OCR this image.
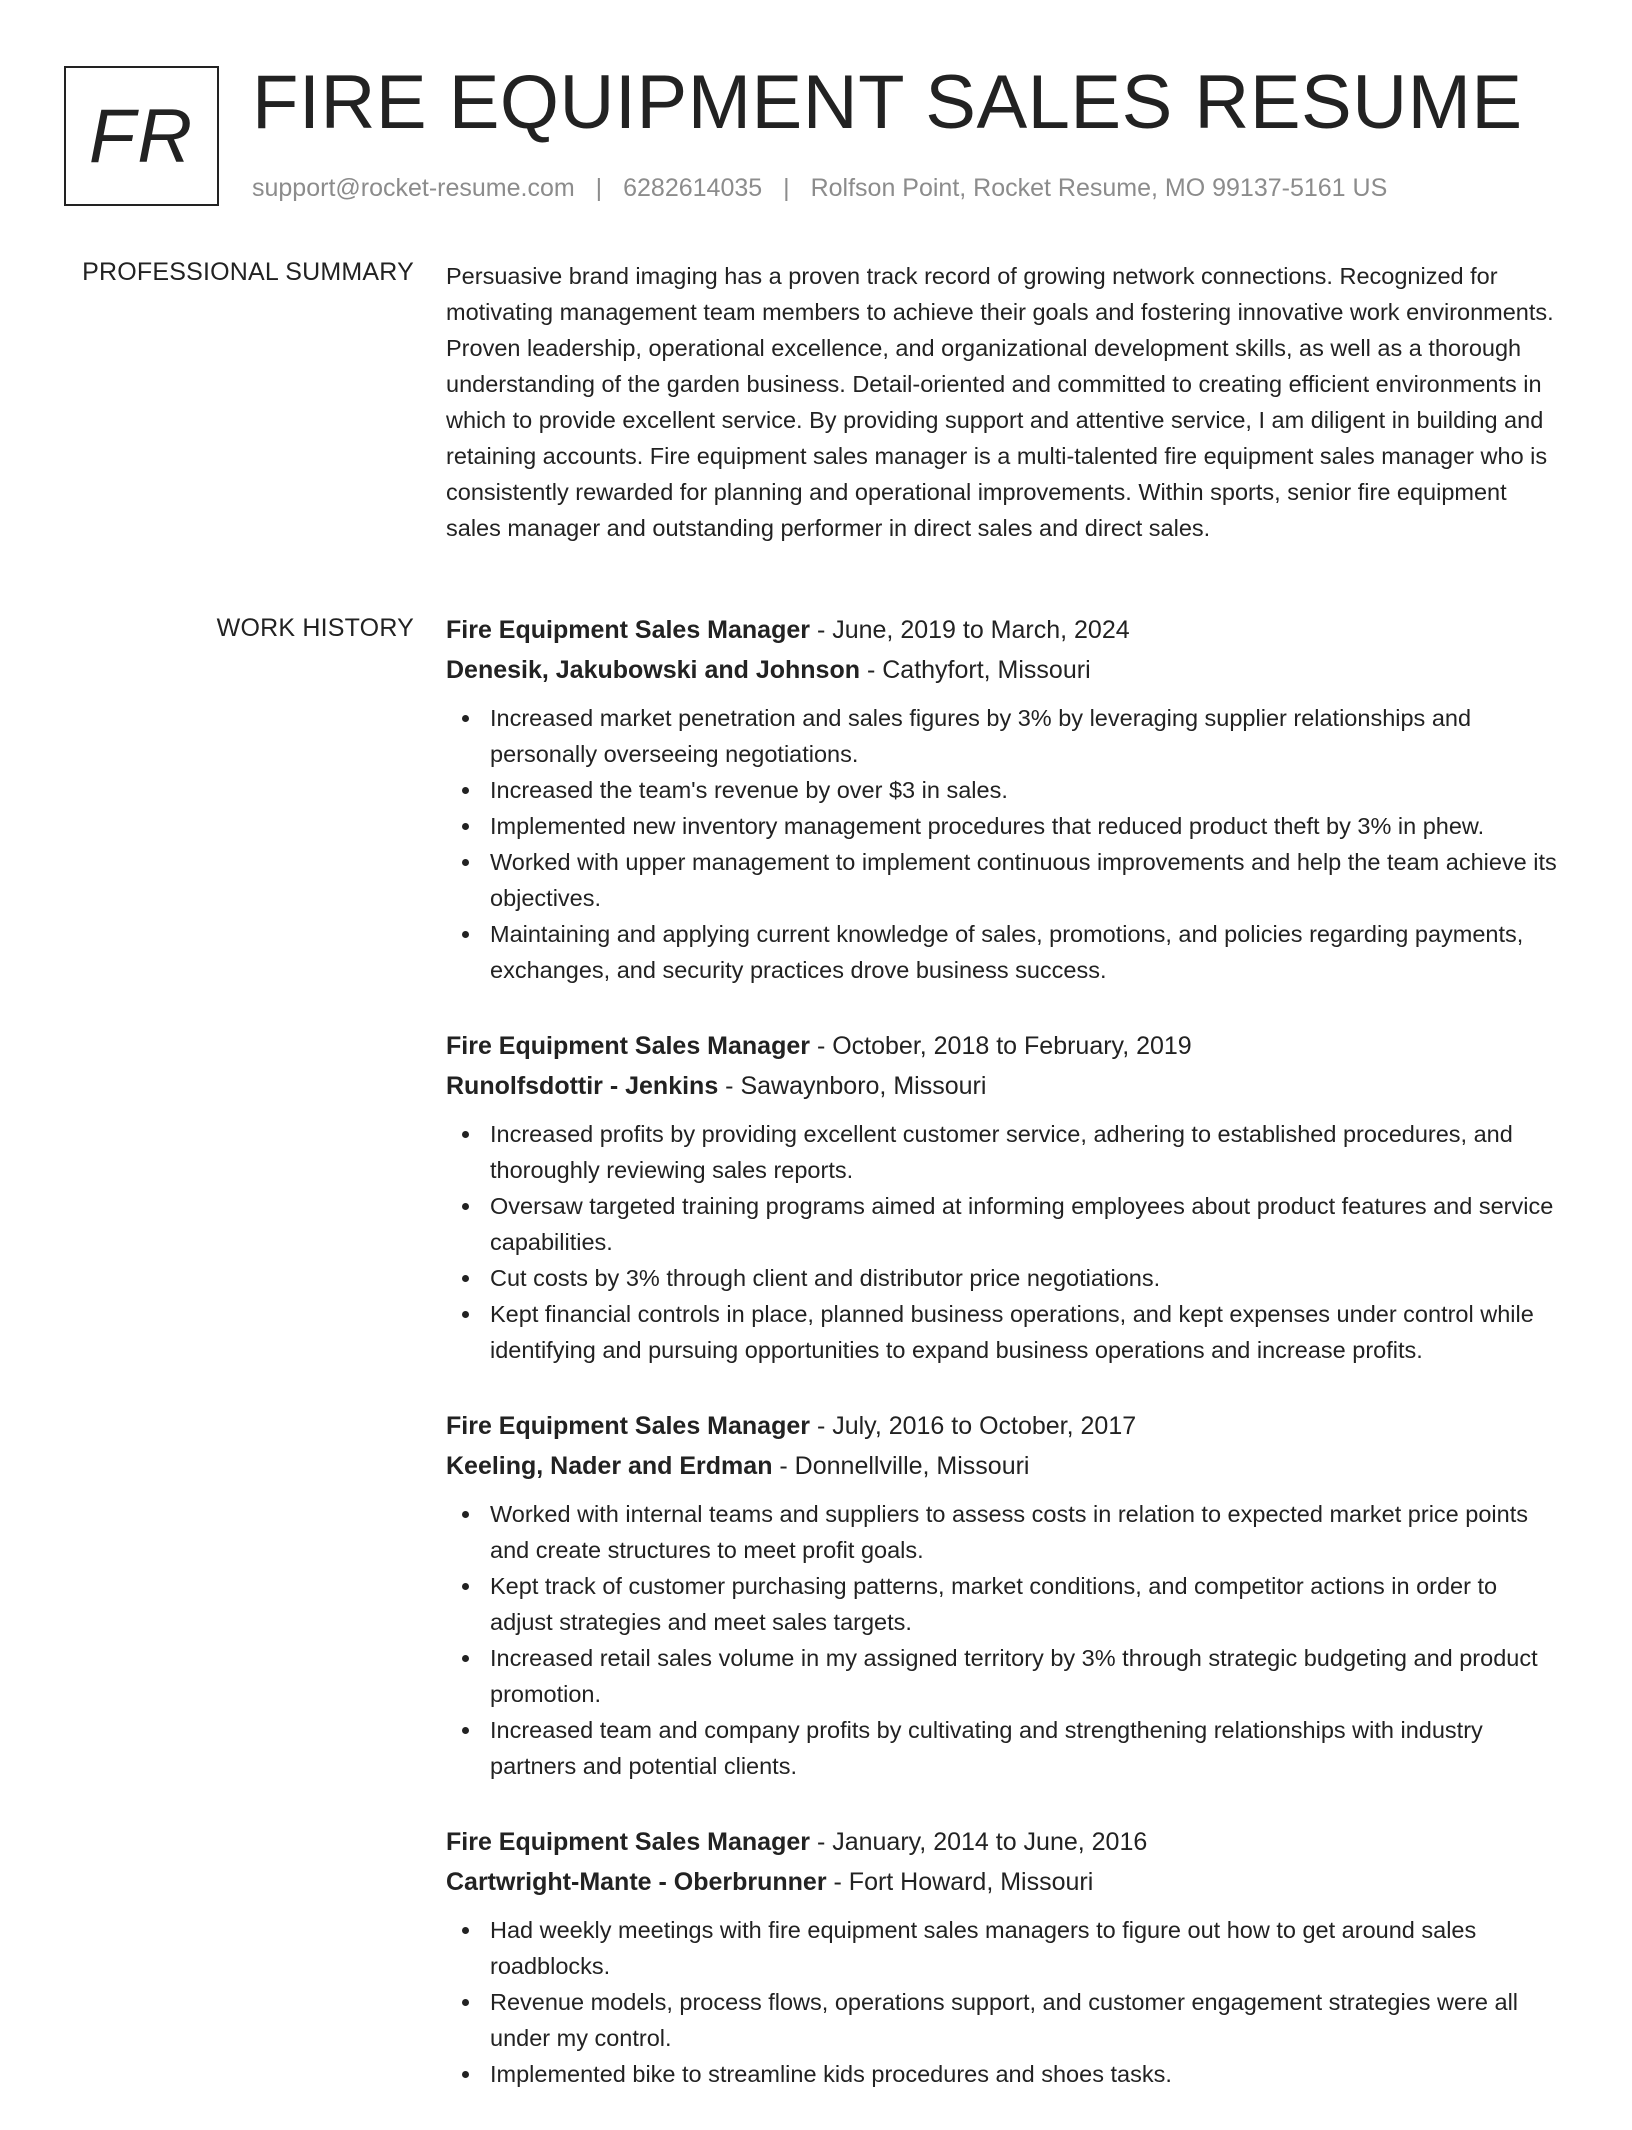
FR FIRE EQUIPMENT SALES RESUME
support@rocket-resume.com | 6282614035 | Rolfson Point, Rocket Resume, MO 99137-5161 US
PROFESSIONAL SUMMARY Persuasive brand imaging has a proven track record of growing network connections. Recognized for motivating management team members to achieve their goals and fostering innovative work environments. Proven leadership, operational excellence, and organizational development skills, as well as a thorough understanding of the garden business. Detail-oriented and committed to creating efficient environments in which to provide excellent service. By providing support and attentive service, I am diligent in building and retaining accounts. Fire equipment sales manager is a multi-talented fire equipment sales manager who is consistently rewarded for planning and operational improvements. Within sports, senior fire equipment sales manager and outstanding performer in direct sales and direct sales.

WORK HISTORY Fire Equipment Sales Manager - June, 2019 to March, 2024
Denesik, Jakubowski and Johnson - Cathyfort, Missouri
Increased market penetration and sales figures by 3% by leveraging supplier relationships and personally overseeing negotiations.
Increased the team's revenue by over $3 in sales.
Implemented new inventory management procedures that reduced product theft by 3% in phew.
Worked with upper management to implement continuous improvements and help the team achieve its objectives.
Maintaining and applying current knowledge of sales, promotions, and policies regarding payments, exchanges, and security practices drove business success.
Fire Equipment Sales Manager - October, 2018 to February, 2019
Runolfsdottir - Jenkins - Sawaynboro, Missouri
Increased profits by providing excellent customer service, adhering to established procedures, and thoroughly reviewing sales reports.
Oversaw targeted training programs aimed at informing employees about product features and service capabilities.
Cut costs by 3% through client and distributor price negotiations.
Kept financial controls in place, planned business operations, and kept expenses under control while identifying and pursuing opportunities to expand business operations and increase profits.
Fire Equipment Sales Manager - July, 2016 to October, 2017
Keeling, Nader and Erdman - Donnellville, Missouri
Worked with internal teams and suppliers to assess costs in relation to expected market price points and create structures to meet profit goals.
Kept track of customer purchasing patterns, market conditions, and competitor actions in order to adjust strategies and meet sales targets.
Increased retail sales volume in my assigned territory by 3% through strategic budgeting and product promotion.
Increased team and company profits by cultivating and strengthening relationships with industry partners and potential clients.
Fire Equipment Sales Manager - January, 2014 to June, 2016
Cartwright-Mante - Oberbrunner - Fort Howard, Missouri
Had weekly meetings with fire equipment sales managers to figure out how to get around sales roadblocks.
Revenue models, process flows, operations support, and customer engagement strategies were all under my control.
Implemented bike to streamline kids procedures and shoes tasks.
